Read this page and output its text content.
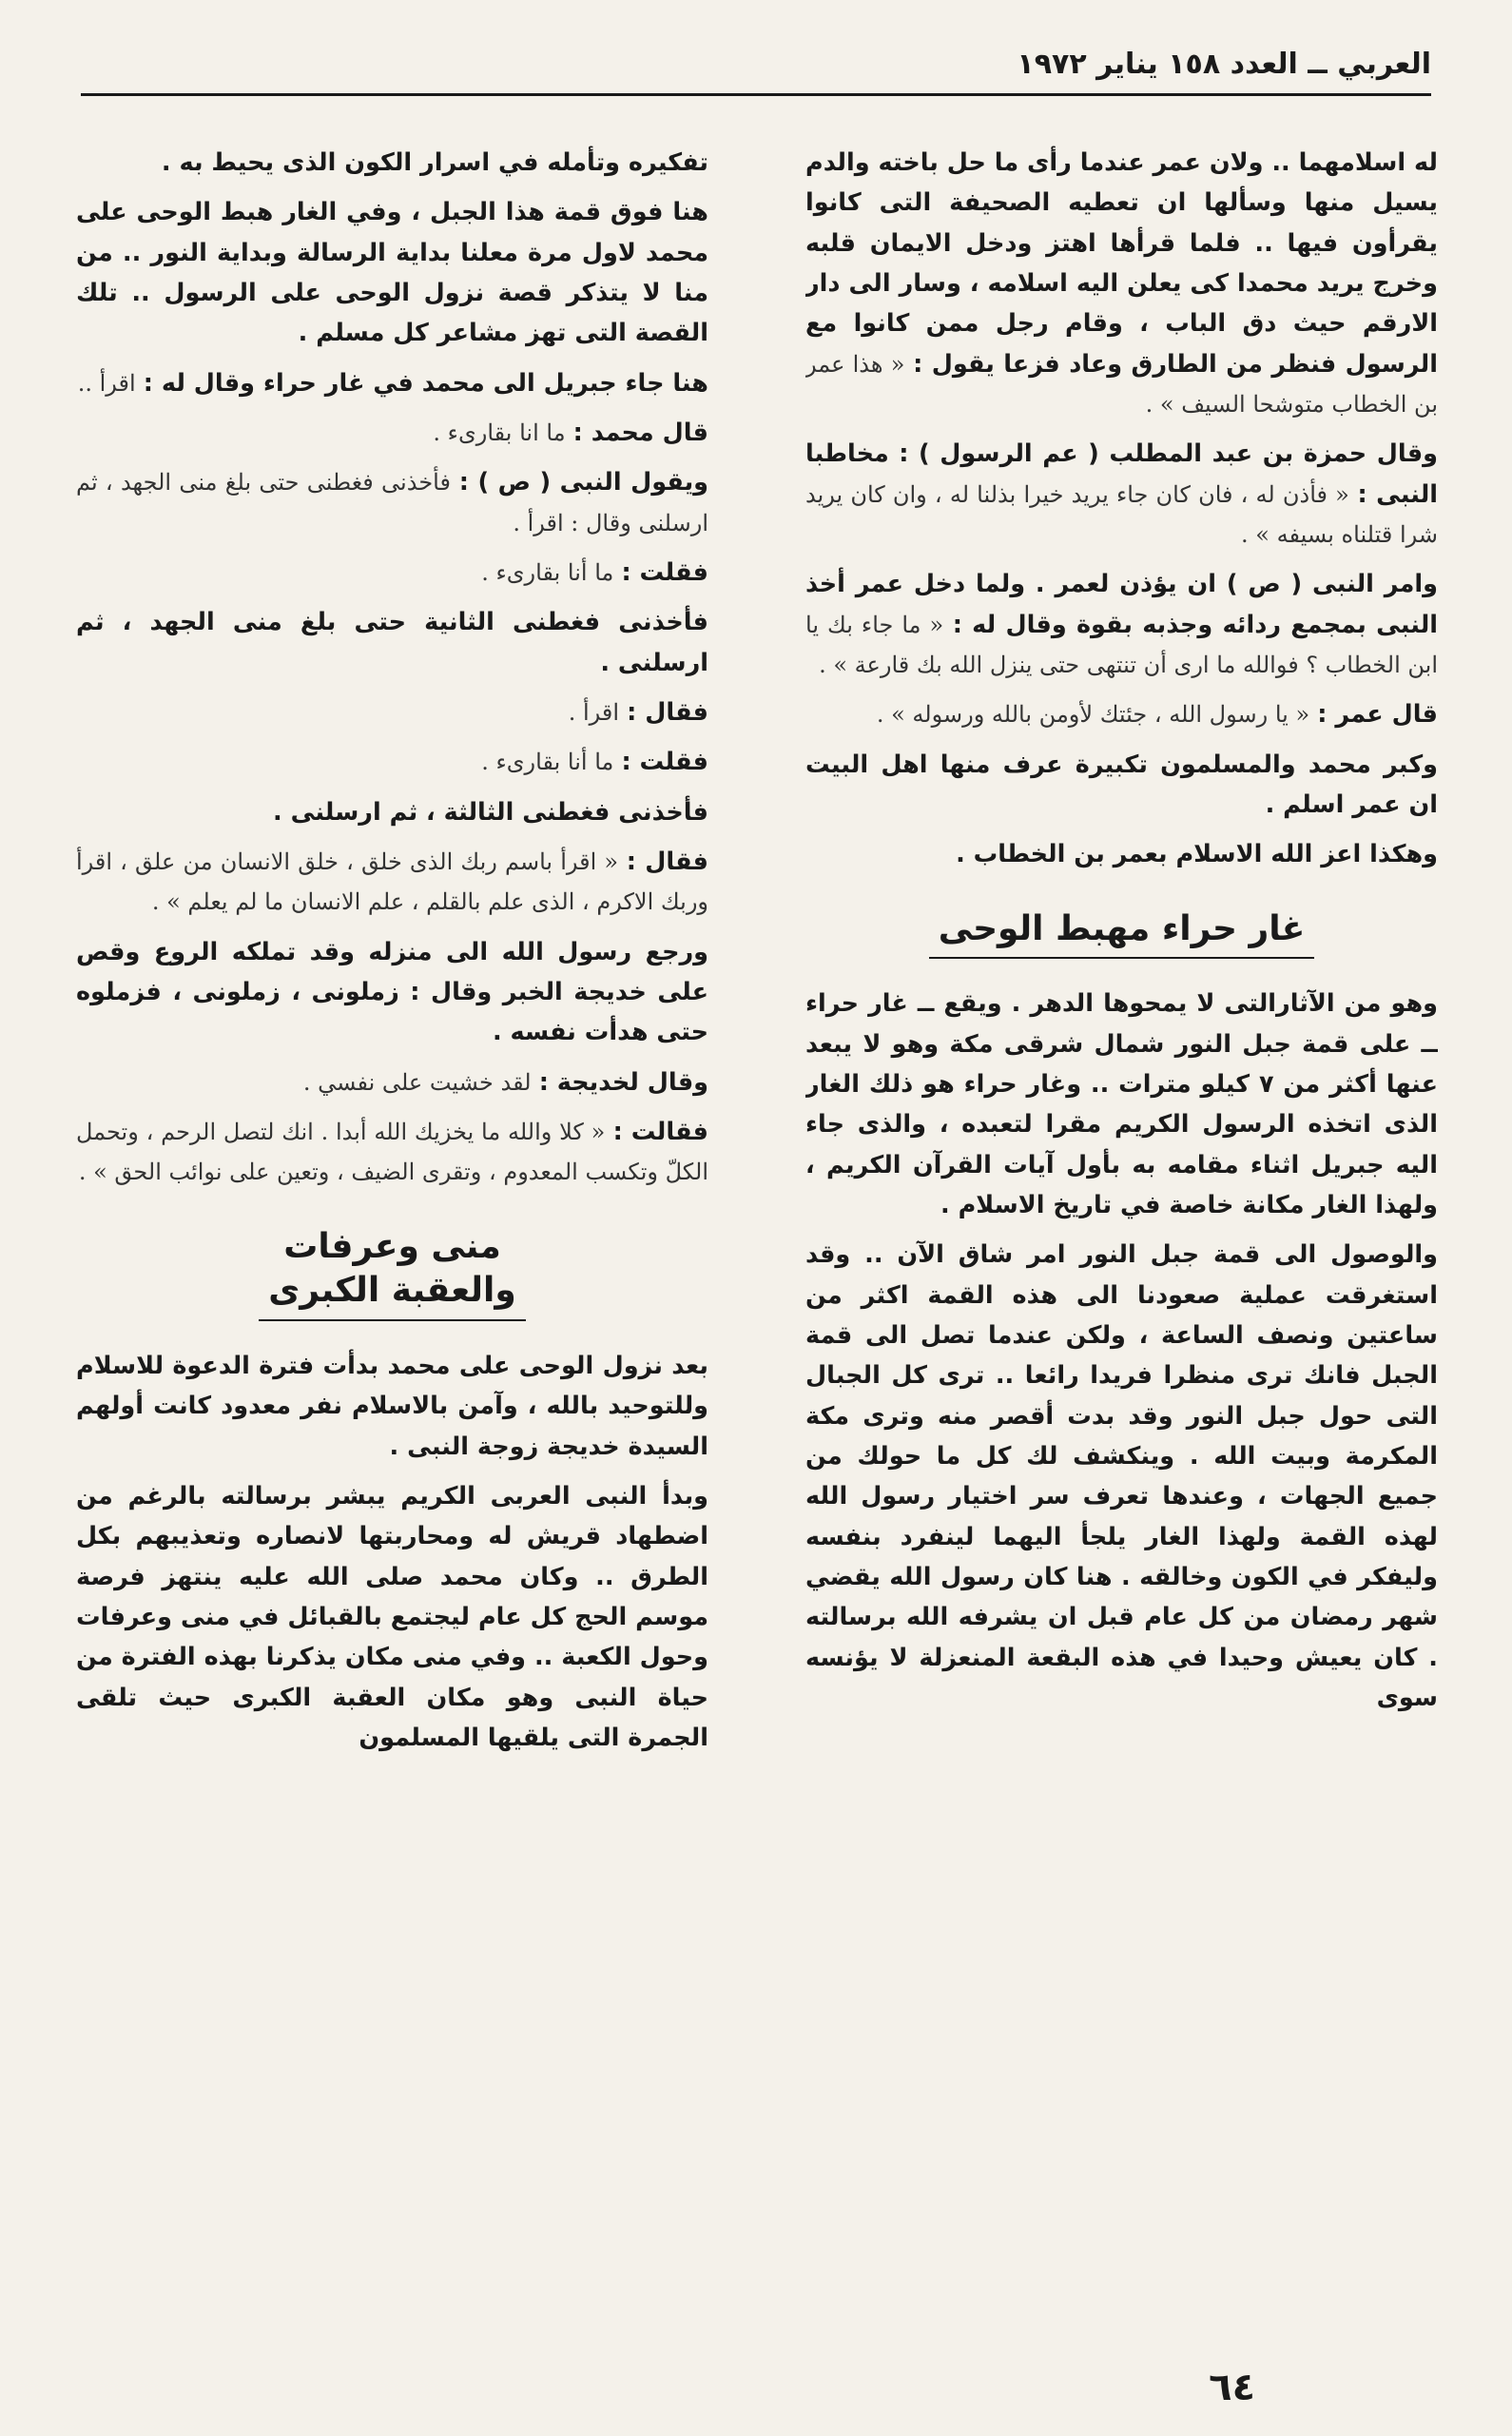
العربي ــ العدد ١٥٨ يناير ١٩٧٢

له اسلامهما .. ولان عمر عندما رأى ما حل باخته والدم يسيل منها وسألها ان تعطيه الصحيفة التى كانوا يقرأون فيها .. فلما قرأها اهتز ودخل الايمان قلبه وخرج يريد محمدا كى يعلن اليه اسلامه ، وسار الى دار الارقم حيث دق الباب ، وقام رجل ممن كانوا مع الرسول فنظر من الطارق وعاد فزعا يقول : « هذا عمر بن الخطاب متوشحا السيف » .

وقال حمزة بن عبد المطلب ( عم الرسول ) : مخاطبا النبى : « فأذن له ، فان كان جاء يريد خيرا بذلنا له ، وان كان يريد شرا قتلناه بسيفه » .

وامر النبى ( ص ) ان يؤذن لعمر . ولما دخل عمر أخذ النبى بمجمع ردائه وجذبه بقوة وقال له : « ما جاء بك يا ابن الخطاب ؟ فوالله ما ارى أن تنتهى حتى ينزل الله بك قارعة » .

قال عمر : « يا رسول الله ، جئتك لأومن بالله ورسوله » .

وكبر محمد والمسلمون تكبيرة عرف منها اهل البيت ان عمر اسلم .

وهكذا اعز الله الاسلام بعمر بن الخطاب .

غار حراء مهبط الوحى

وهو من الآثارالتى لا يمحوها الدهر . ويقع ــ غار حراء ــ على قمة جبل النور شمال شرقى مكة وهو لا يبعد عنها أكثر من ٧ كيلو مترات .. وغار حراء هو ذلك الغار الذى اتخذه الرسول الكريم مقرا لتعبده ، والذى جاء اليه جبريل اثناء مقامه به بأول آيات القرآن الكريم ، ولهذا الغار مكانة خاصة في تاريخ الاسلام .

والوصول الى قمة جبل النور امر شاق الآن .. وقد استغرقت عملية صعودنا الى هذه القمة اكثر من ساعتين ونصف الساعة ، ولكن عندما تصل الى قمة الجبل فانك ترى منظرا فريدا رائعا .. ترى كل الجبال التى حول جبل النور وقد بدت أقصر منه وترى مكة المكرمة وبيت الله . وينكشف لك كل ما حولك من جميع الجهات ، وعندها تعرف سر اختيار رسول الله لهذه القمة ولهذا الغار يلجأ اليهما لينفرد بنفسه وليفكر في الكون وخالقه . هنا كان رسول الله يقضي شهر رمضان من كل عام قبل ان يشرفه الله برسالته . كان يعيش وحيدا في هذه البقعة المنعزلة لا يؤنسه سوى

تفكيره وتأمله في اسرار الكون الذى يحيط به .

هنا فوق قمة هذا الجبل ، وفي الغار هبط الوحى على محمد لاول مرة معلنا بداية الرسالة وبداية النور .. من منا لا يتذكر قصة نزول الوحى على الرسول .. تلك القصة التى تهز مشاعر كل مسلم .

هنا جاء جبريل الى محمد في غار حراء وقال له : اقرأ ..

قال محمد : ما انا بقارىء .

ويقول النبى ( ص ) : فأخذنى فغطنى حتى بلغ منى الجهد ، ثم ارسلنى وقال : اقرأ .

فقلت : ما أنا بقارىء .

فأخذنى فغطنى الثانية حتى بلغ منى الجهد ، ثم ارسلنى .

فقال : اقرأ .

فقلت : ما أنا بقارىء .

فأخذنى فغطنى الثالثة ، ثم ارسلنى .

فقال : « اقرأ باسم ربك الذى خلق ، خلق الانسان من علق ، اقرأ وربك الاكرم ، الذى علم بالقلم ، علم الانسان ما لم يعلم » .

ورجع رسول الله الى منزله وقد تملكه الروع وقص على خديجة الخبر وقال : زملونى ، زملونى ، فزملوه حتى هدأت نفسه .

وقال لخديجة : لقد خشيت على نفسي .

فقالت : « كلا والله ما يخزيك الله أبدا . انك لتصل الرحم ، وتحمل الكلّ وتكسب المعدوم ، وتقرى الضيف ، وتعين على نوائب الحق » .

منى وعرفات
والعقبة الكبرى

بعد نزول الوحى على محمد بدأت فترة الدعوة للاسلام وللتوحيد بالله ، وآمن بالاسلام نفر معدود كانت أولهم السيدة خديجة زوجة النبى .

وبدأ النبى العربى الكريم يبشر برسالته بالرغم من اضطهاد قريش له ومحاربتها لانصاره وتعذيبهم بكل الطرق .. وكان محمد صلى الله عليه ينتهز فرصة موسم الحج كل عام ليجتمع بالقبائل في منى وعرفات وحول الكعبة .. وفي منى مكان يذكرنا بهذه الفترة من حياة النبى وهو مكان العقبة الكبرى حيث تلقى الجمرة التى يلقيها المسلمون

٦٤
